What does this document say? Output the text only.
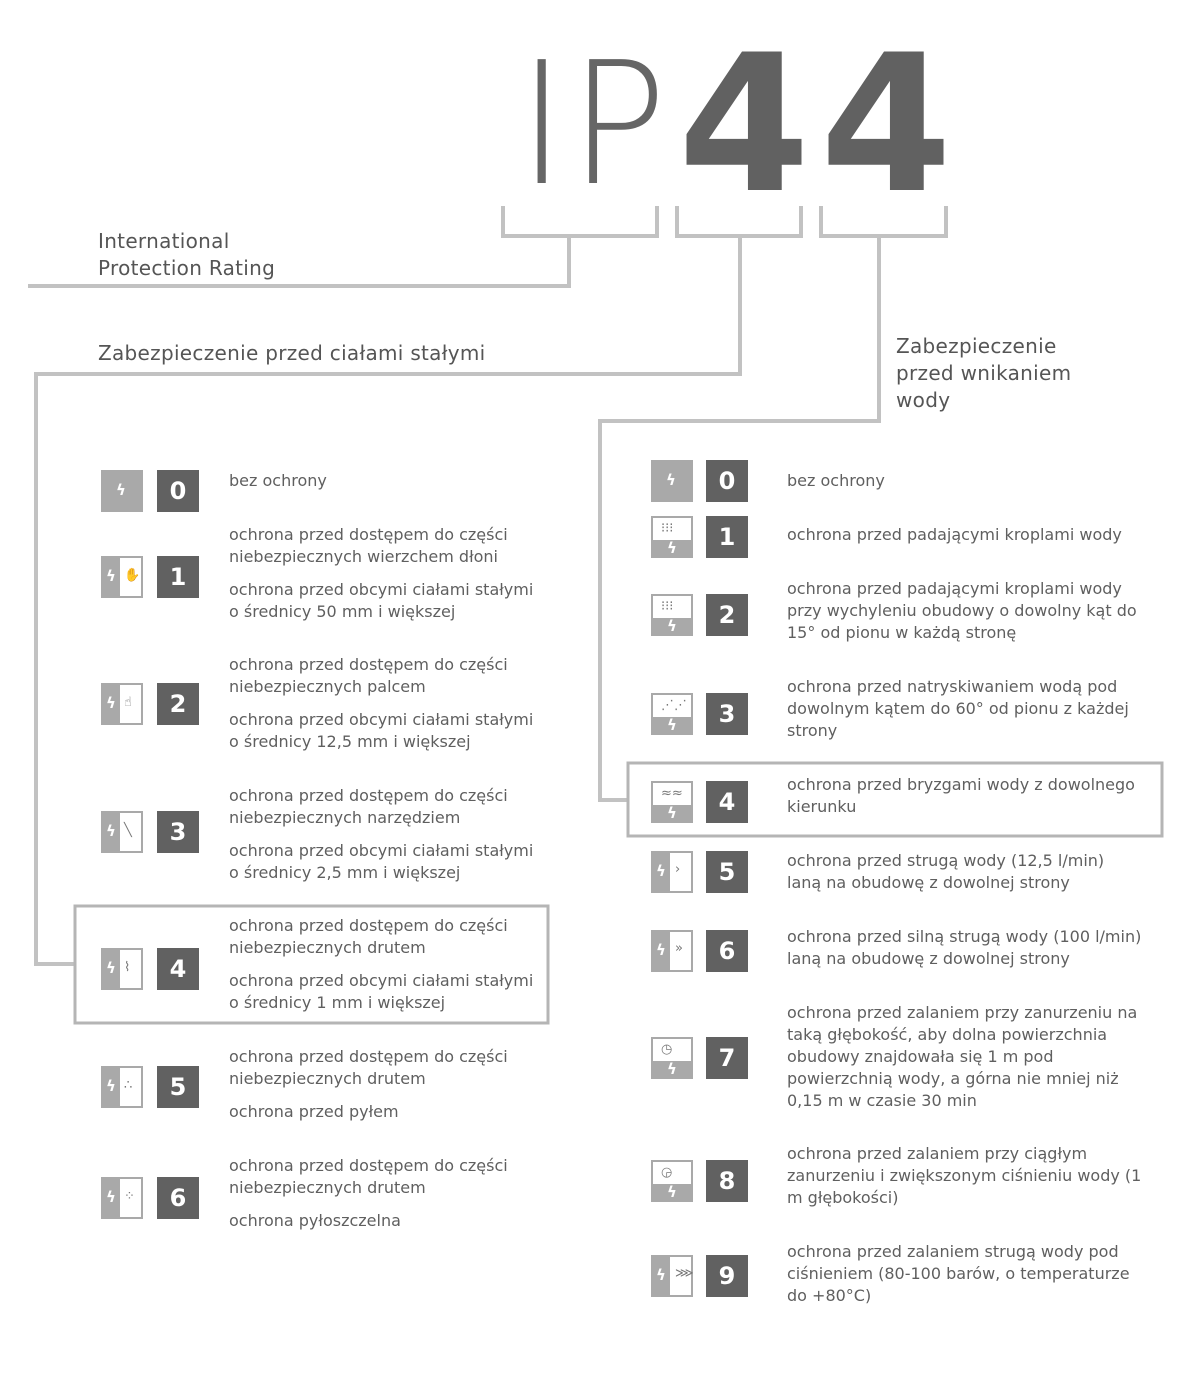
IP 4 4
International
Protection Rating
Zabezpieczenie przed ciałami stałymi	Zabezpieczenie
przed wnikaniem
wody
ϟ	0	bez ochrony

ϟ ✋	1

ochrona przed dostępem do części niebezpiecznych wierzchem dłoni

ochrona przed obcymi ciałami stałymi o średnicy 50 mm i większej

ϟ ☝	2

ochrona przed dostępem do części niebezpiecznych palcem

ochrona przed obcymi ciałami stałymi o średnicy 12,5 mm i większej

ϟ ╲	3

ochrona przed dostępem do części niebezpiecznych narzędziem

ochrona przed obcymi ciałami stałymi o średnicy 2,5 mm i większej

ϟ ⌇	4

ochrona przed dostępem do części niebezpiecznych drutem

ochrona przed obcymi ciałami stałymi o średnicy 1 mm i większej

ϟ ∴	5

ochrona przed dostępem do części niebezpiecznych drutem

ochrona przed pyłem

ϟ ⁘	6

ochrona przed dostępem do części niebezpiecznych drutem

ochrona pyłoszczelna

ϟ	0	bez ochrony

ϟ
⁝⁝⁝	1	ochrona przed padającymi kroplami wody

ϟ
⁝⁝⁝	2

ochrona przed padającymi kroplami wody przy wychyleniu obudowy o dowolny kąt do 15° od pionu w każdą stronę

ϟ
⋰⋰	3

ochrona przed natryskiwaniem wodą pod dowolnym kątem do 60° od pionu z każdej strony

ϟ
≈≈	4

ochrona przed bryzgami wody z dowolnego kierunku

ϟ ›	5	ochrona przed strugą wody (12,5 l/min) laną na obudowę z dowolnej strony

ϟ »	6

ochrona przed silną strugą wody (100 l/min) laną na obudowę z dowolnej strony

ϟ
◷	7

ochrona przed zalaniem przy zanurzeniu na taką głębokość, aby dolna powierzchnia obudowy znajdowała się 1 m pod powierzchnią wody, a górna nie mniej niż 0,15 m w czasie 30 min

ϟ
◶	8

ochrona przed zalaniem przy ciągłym zanurzeniu i zwiększonym ciśnieniu wody (1 m głębokości)

ϟ ⋙	9

ochrona przed zalaniem strugą wody pod ciśnieniem (80-100 barów, o temperaturze do +80°C)
